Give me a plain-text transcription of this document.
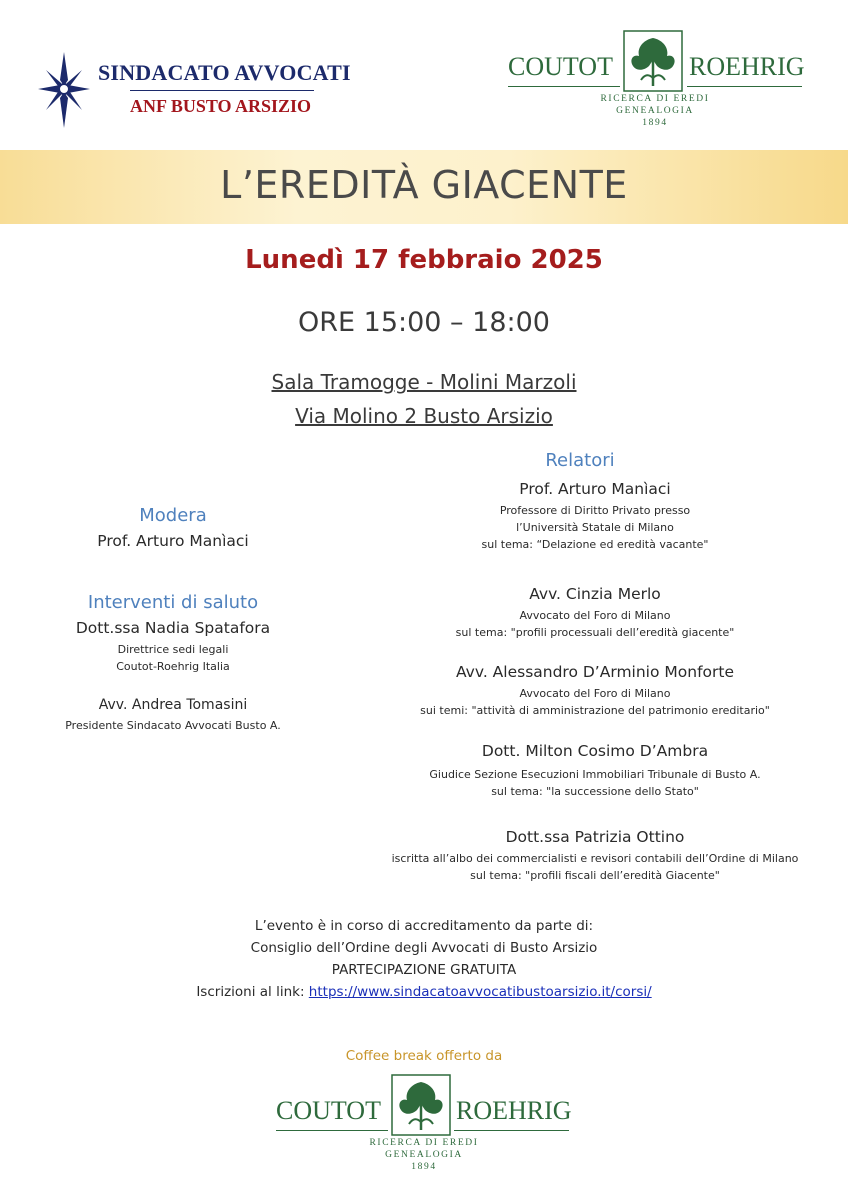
SINDACATO AVVOCATI
ANF BUSTO ARSIZIO
COUTOT	ROEHRIG
RICERCA DI EREDI
GENEALOGIA
1894
L’EREDITÀ GIACENTE
Lunedì 17 febbraio 2025
ORE 15:00 – 18:00
Sala Tramogge - Molini Marzoli
Via Molino 2 Busto Arsizio
Modera
Prof. Arturo Manìaci
Interventi di saluto
Dott.ssa Nadia Spatafora
Direttrice sedi legali
Coutot-Roehrig Italia
Avv. Andrea Tomasini
Presidente Sindacato Avvocati Busto A.
Relatori
Prof. Arturo Manìaci
Professore di Diritto Privato presso
l’Università Statale di Milano
sul tema: “Delazione ed eredità vacante"
Avv. Cinzia Merlo
Avvocato del Foro di Milano
sul tema: "profili processuali dell’eredità giacente"
Avv. Alessandro D’Arminio Monforte
Avvocato del Foro di Milano
sui temi: "attività di amministrazione del patrimonio ereditario"
Dott. Milton Cosimo D’Ambra
Giudice Sezione Esecuzioni Immobiliari Tribunale di Busto A.
sul tema: "la successione dello Stato"
Dott.ssa Patrizia Ottino
iscritta all’albo dei commercialisti e revisori contabili dell’Ordine di Milano
sul tema: "profili fiscali dell’eredità Giacente"
L’evento è in corso di accreditamento da parte di:
Consiglio dell’Ordine degli Avvocati di Busto Arsizio
PARTECIPAZIONE GRATUITA
Iscrizioni al link: https://www.sindacatoavvocatibustoarsizio.it/corsi/
Coffee break offerto da
COUTOT	ROEHRIG
RICERCA DI EREDI
GENEALOGIA
1894
